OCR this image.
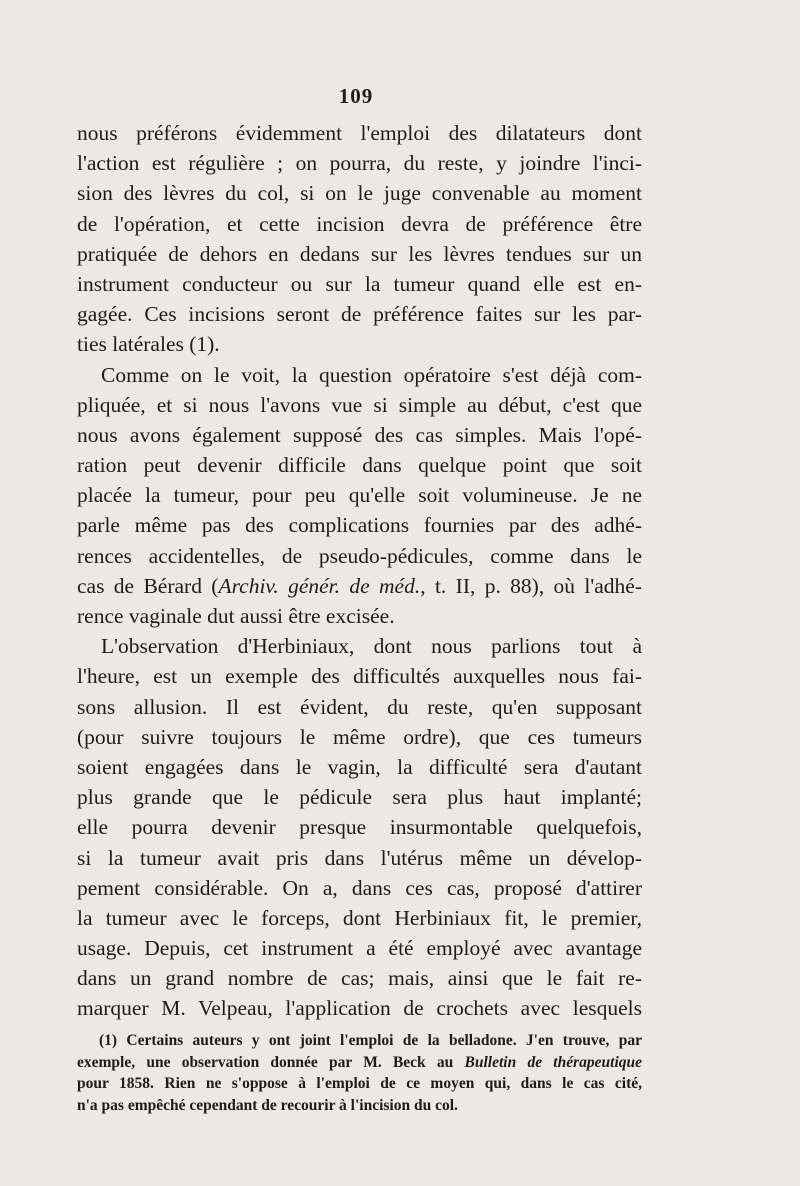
109
nous préférons évidemment l'emploi des dilatateurs dont
l'action est régulière ; on pourra, du reste, y joindre l'inci-
sion des lèvres du col, si on le juge convenable au moment
de l'opération, et cette incision devra de préférence être
pratiquée de dehors en dedans sur les lèvres tendues sur un
instrument conducteur ou sur la tumeur quand elle est en-
gagée. Ces incisions seront de préférence faites sur les par-
ties latérales (1).
Comme on le voit, la question opératoire s'est déjà com-
pliquée, et si nous l'avons vue si simple au début, c'est que
nous avons également supposé des cas simples. Mais l'opé-
ration peut devenir difficile dans quelque point que soit
placée la tumeur, pour peu qu'elle soit volumineuse. Je ne
parle même pas des complications fournies par des adhé-
rences accidentelles, de pseudo-pédicules, comme dans le
cas de Bérard (Archiv. génér. de méd., t. II, p. 88), où l'adhé-
rence vaginale dut aussi être excisée.
L'observation d'Herbiniaux, dont nous parlions tout à
l'heure, est un exemple des difficultés auxquelles nous fai-
sons allusion. Il est évident, du reste, qu'en supposant
(pour suivre toujours le même ordre), que ces tumeurs
soient engagées dans le vagin, la difficulté sera d'autant
plus grande que le pédicule sera plus haut implanté;
elle pourra devenir presque insurmontable quelquefois,
si la tumeur avait pris dans l'utérus même un dévelop-
pement considérable. On a, dans ces cas, proposé d'attirer
la tumeur avec le forceps, dont Herbiniaux fit, le premier,
usage. Depuis, cet instrument a été employé avec avantage
dans un grand nombre de cas; mais, ainsi que le fait re-
marquer M. Velpeau, l'application de crochets avec lesquels
(1) Certains auteurs y ont joint l'emploi de la belladone. J'en trouve, par
exemple, une observation donnée par M. Beck au Bulletin de thérapeutique
pour 1858. Rien ne s'oppose à l'emploi de ce moyen qui, dans le cas cité,
n'a pas empêché cependant de recourir à l'incision du col.
